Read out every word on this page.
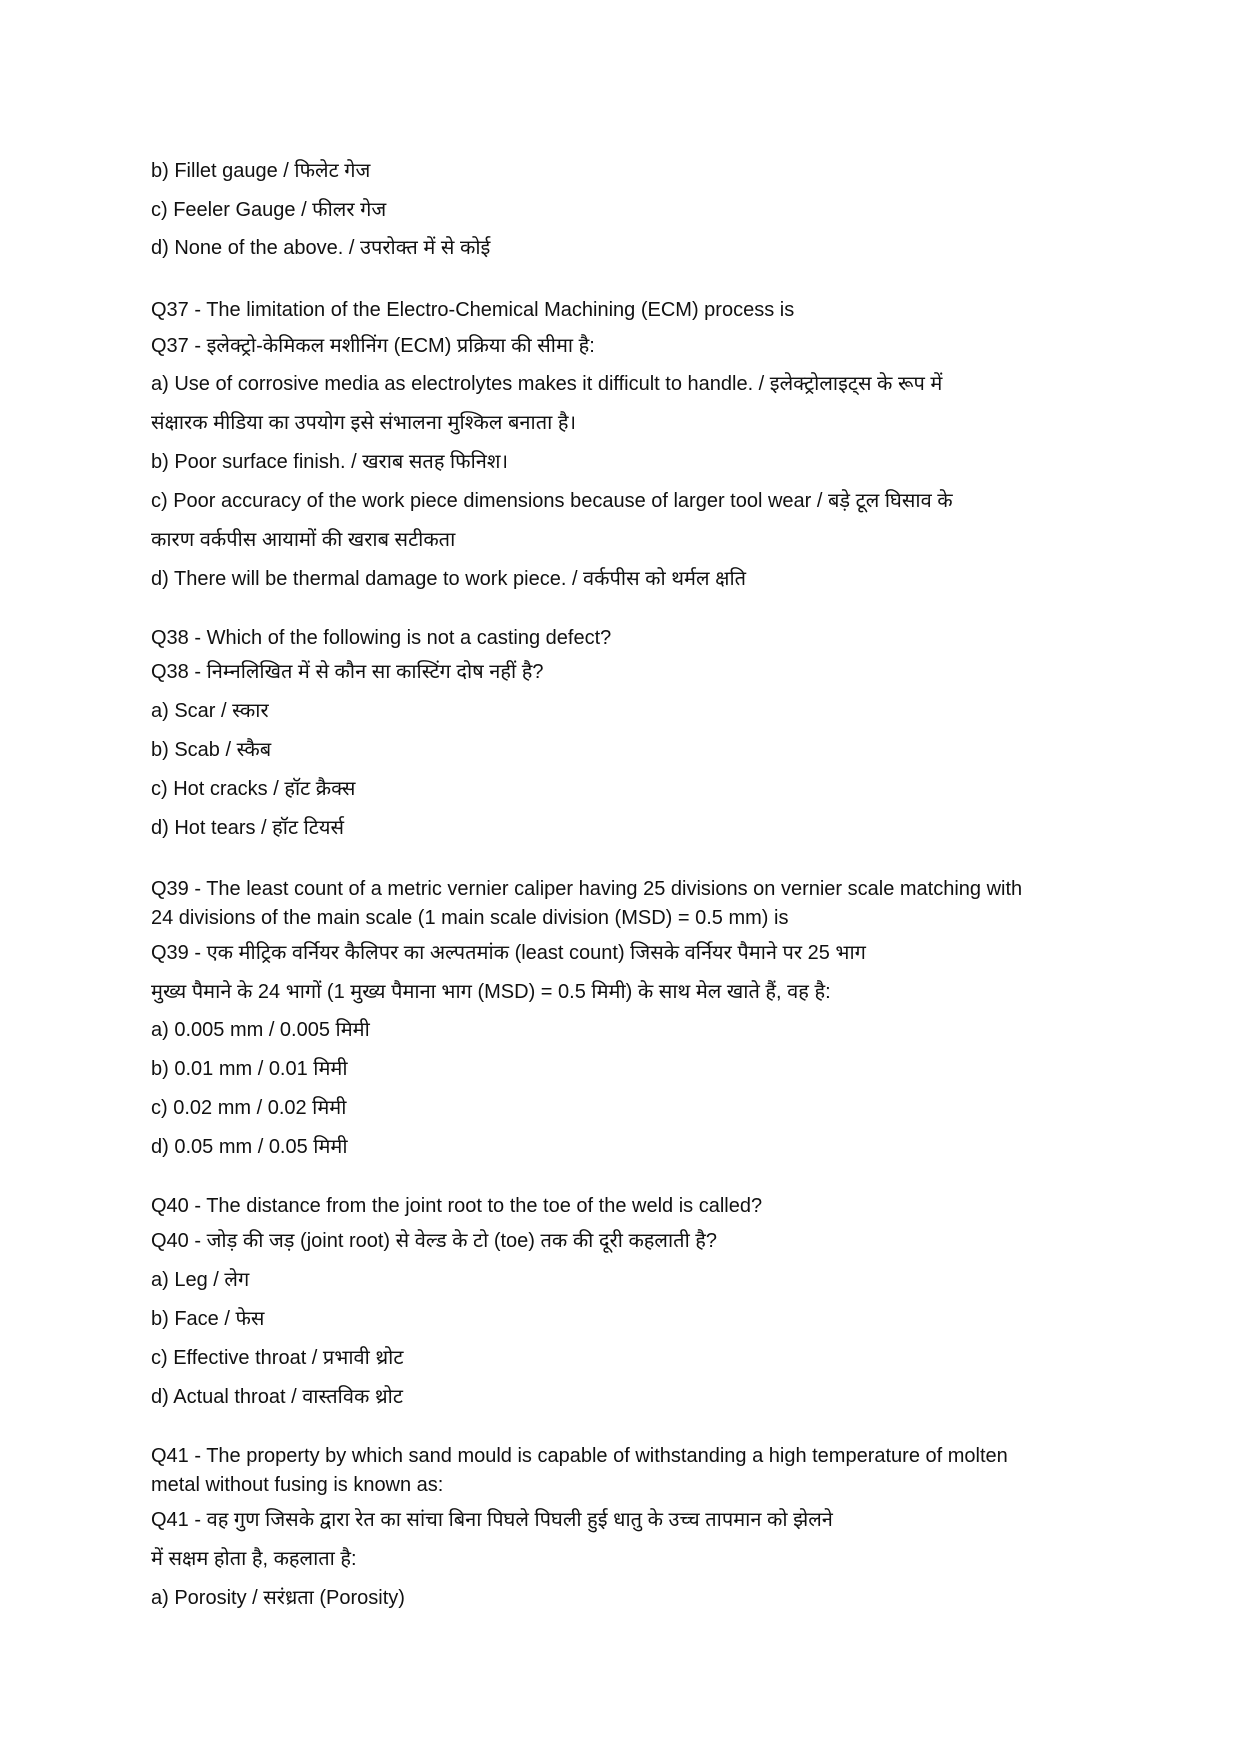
b) Fillet gauge / फिलेट गेज
c) Feeler Gauge / फीलर गेज
d) None of the above. / उपरोक्त में से कोई
Q37 - The limitation of the Electro-Chemical Machining (ECM) process is
Q37 - इलेक्ट्रो-केमिकल मशीनिंग (ECM) प्रक्रिया की सीमा है:
a) Use of corrosive media as electrolytes makes it difficult to handle. / इलेक्ट्रोलाइट्स के रूप में
संक्षारक मीडिया का उपयोग इसे संभालना मुश्किल बनाता है।
b) Poor surface finish. / खराब सतह फिनिश।
c) Poor accuracy of the work piece dimensions because of larger tool wear / बड़े टूल घिसाव के
कारण वर्कपीस आयामों की खराब सटीकता
d) There will be thermal damage to work piece. / वर्कपीस को थर्मल क्षति
Q38 - Which of the following is not a casting defect?
Q38 - निम्नलिखित में से कौन सा कास्टिंग दोष नहीं है?
a) Scar / स्कार
b) Scab / स्कैब
c) Hot cracks / हॉट क्रैक्स
d) Hot tears / हॉट टियर्स
Q39 - The least count of a metric vernier caliper having 25 divisions on vernier scale matching with
24 divisions of the main scale (1 main scale division (MSD) = 0.5 mm) is
Q39 - एक मीट्रिक वर्नियर कैलिपर का अल्पतमांक (least count) जिसके वर्नियर पैमाने पर 25 भाग
मुख्य पैमाने के 24 भागों (1 मुख्य पैमाना भाग (MSD) = 0.5 मिमी) के साथ मेल खाते हैं, वह है:
a) 0.005 mm / 0.005 मिमी
b) 0.01 mm / 0.01 मिमी
c) 0.02 mm / 0.02 मिमी
d) 0.05 mm / 0.05 मिमी
Q40 - The distance from the joint root to the toe of the weld is called?
Q40 - जोड़ की जड़ (joint root) से वेल्ड के टो (toe) तक की दूरी कहलाती है?
a) Leg / लेग
b) Face / फेस
c) Effective throat / प्रभावी थ्रोट
d) Actual throat / वास्तविक थ्रोट
Q41 - The property by which sand mould is capable of withstanding a high temperature of molten
metal without fusing is known as:
Q41 - वह गुण जिसके द्वारा रेत का सांचा बिना पिघले पिघली हुई धातु के उच्च तापमान को झेलने
में सक्षम होता है, कहलाता है:
a) Porosity / सरंध्रता (Porosity)
